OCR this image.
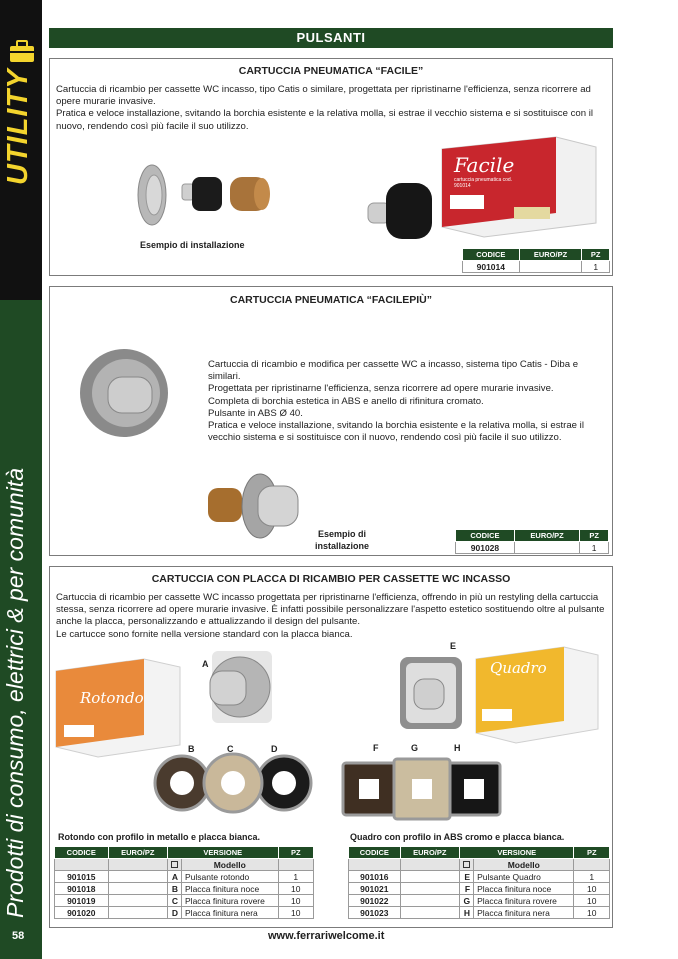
UTILITY
Prodotti di consumo, elettrici & per comunità
58
PULSANTI
CARTUCCIA PNEUMATICA “FACILE”

Cartuccia di ricambio per cassette WC incasso, tipo Catis o similare, progettata per ripristinarne l'efficienza, senza ricorrere ad opere murarie invasive.

Pratica e veloce installazione, svitando la borchia esistente e la relativa molla, si estrae il vecchio sistema e si sostituisce con il nuovo, rendendo così più facile il suo utilizzo.

Esempio di installazione
Facile
cartuccia pneumatica cod. 901014
CODICE	EURO/PZ	PZ
901014		1
CARTUCCIA PNEUMATICA “FACILEPIÙ”

Cartuccia di ricambio e modifica per cassette WC a incasso, sistema tipo Catis - Diba e similari.

Progettata per ripristinarne l'efficienza, senza ricorrere ad opere murarie invasive.

Completa di borchia estetica in ABS e anello di rifinitura cromato.

Pulsante in ABS Ø 40.

Pratica e veloce installazione, svitando la borchia esistente e la relativa molla, si estrae il vecchio sistema e si sostituisce con il nuovo, rendendo così più facile il suo utilizzo.

Esempio di
installazione
CODICE	EURO/PZ	PZ
901028		1
CARTUCCIA CON PLACCA DI RICAMBIO PER CASSETTE WC INCASSO

Cartuccia di ricambio per cassette WC incasso progettata per ripristinarne l'efficienza, offrendo in più un restyling della cartuccia stessa, senza ricorrere ad opere murarie invasive. È infatti possibile personalizzare l'aspetto estetico sostituendo oltre al pulsante anche la placca, personalizzando e attualizzando il design del pulsante.

Le cartucce sono fornite nella versione standard con la placca bianca.

Rotondo
A
B	C	D
E
Quadro
F	G	H
Rotondo con profilo in metallo e placca bianca.	Quadro con profilo in ABS cromo e placca bianca.
CODICE	EURO/PZ	VERSIONE		PZ
			Modello	
901015		A	Pulsante rotondo	1
901018		B	Placca finitura noce	10
901019		C	Placca finitura rovere	10
901020		D	Placca finitura nera	10
CODICE	EURO/PZ	VERSIONE		PZ
			Modello	
901016		E	Pulsante Quadro	1
901021		F	Placca finitura noce	10
901022		G	Placca finitura rovere	10
901023		H	Placca finitura nera	10
www.ferrariwelcome.it
